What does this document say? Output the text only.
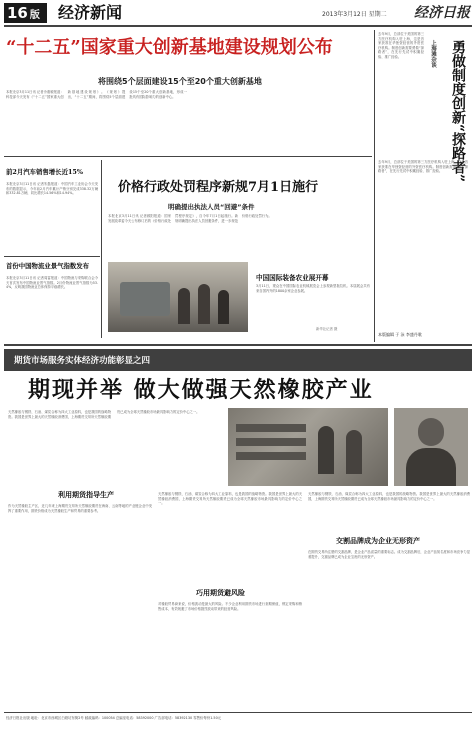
16 版	经济新闻	2013年3月12日 星期二 经济日报
“十二五”国家重大创新基地建设规划公布
将围绕5个层面建设15个至20个重大创新基地
本报北京3月11日讯 记者佘惠敏报道：科技部今天发布《“十二五”国家重大创新基地建设规划》。《规划》提出，“十二五”期间，将围绕5个层面建设15个至20个重大创新基地，形成一批具有国际影响力的创新中心。
前2月汽车销售增长近15%
本报北京3月11日讯 记者朱磊报道：中国汽车工业协会今天发布的数据显示，今年前2月汽车累计产销分别完成338.32万辆和332.81万辆，同比增长14.56%和14.94%。
首份中国物流业景气指数发布
本报北京3月11日讯 记者周雷报道：中国物流与采购联合会今天首次发布中国物流业景气指数。2月份物流业景气指数为53.4%，反映我国物流业总体保持平稳增长。
价格行政处罚程序新规7月1日施行
明确提出执法人员“回避”条件
本报北京3月11日讯 记者顾阳报道：国家发展改革委今天公布修订后的《价格行政处罚程序规定》，自今年7月1日起施行。新规明确提出执法人员回避条件，进一步规范价格行政处罚行为。
中国国际装备农业展开幕
3月11日，观众在中国国际农业机械展览会上参观新型拖拉机。本届展会共有来自国内外的1800余家企业参展。
新华社记者 摄
去年9月，总部位于美国的第三方医疗机构入驻上海，这是首家获准在华独资经营的外资医疗机构。制度创新需要勇做“探路者”，在先行先试中积累经验、推广经验。	上海滩杂谈	勇做制度创新“探路者”
去年9月，总部位于美国的第三方医疗机构入驻上海，这是首家获准在华独资经营的外资医疗机构。制度创新需要勇做“探路者”，在先行先试中积累经验、推广经验。
本版编辑 于 泳 李盛丹歌
期货市场服务实体经济功能彰显之四
期现并举 做大做强天然橡胶产业
天然橡胶与钢铁、石油、煤炭合称为四大工业原料，也是我国的战略物资。我国是世界上最大的天然橡胶消费国，上海期货交易所天然橡胶期货已成为全球天然橡胶市场最具影响力的定价中心之一。
利用期货指导生产
作为天然橡胶主产区，近几年来上海期货交易所天然橡胶期货在海南、云南等地的产业链企业中发挥了重要作用，期货价格成为天然橡胶生产和贸易的重要参考。
天然橡胶与钢铁、石油、煤炭合称为四大工业原料，也是我国的战略物资。我国是世界上最大的天然橡胶消费国，上海期货交易所天然橡胶期货已成为全球天然橡胶市场最具影响力的定价中心之一。
巧用期货避风险
对橡胶贸易商来说，价格波动是最大的风险。不少企业利用期货市场进行套期保值，锁定采购和销售成本，有效规避了市场价格剧烈波动带来的经营风险。
天然橡胶与钢铁、石油、煤炭合称为四大工业原料，也是我国的战略物资。我国是世界上最大的天然橡胶消费国，上海期货交易所天然橡胶期货已成为全球天然橡胶市场最具影响力的定价中心之一。
交割品牌成为企业无形资产
在期货交易所注册的交割品牌，是企业产品质量的重要标志。成为交割品牌后，企业产品知名度和市场竞争力显著提升，交割品牌已成为企业宝贵的无形资产。
经济日报社出版 地址：北京市西城区白纸坊东街2号 邮政编码：100054 总编室电话：58392000 广告部电话：58392130 零售价每份1.50元
